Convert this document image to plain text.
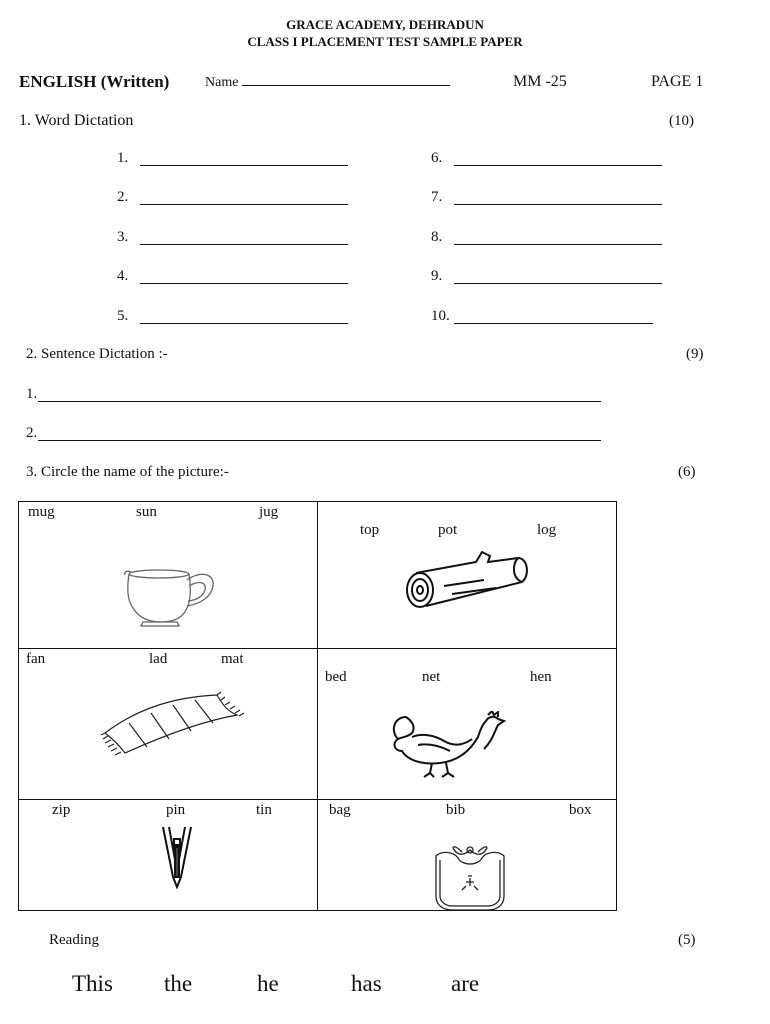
GRACE ACADEMY, DEHRADUN
CLASS I PLACEMENT TEST SAMPLE PAPER
ENGLISH (Written)	Name	MM -25	PAGE 1
1. Word Dictation	(10)
1.
2.
3.
4.
5.
6.
7.
8.
9.
10.
2. Sentence Dictation :-	(9)
1.
2.
3. Circle the name of the picture:-	(6)
mug sun jug	top pot log

fan lad mat	bed net hen

zip pin tin	bag bib box
Reading	(5)
This the	he	has	are
